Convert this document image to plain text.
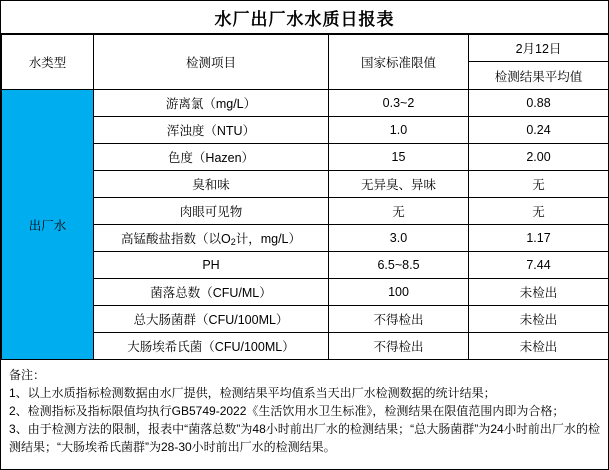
水厂出厂水水质日报表
水类型	检测项目	国家标准限值	2月12日
			检测结果平均值
出厂水	游离氯（mg/L）	0.3~2	0.88
	浑浊度（NTU）	1.0	0.24
	色度（Hazen）	15	2.00
	臭和味	无异臭、异味	无
	肉眼可见物	无	无
	高锰酸盐指数（以$O_2$计，mg/L）	3.0	1.17
	PH	6.5~8.5	7.44
	菌落总数（CFU/ML）	100	未检出
	总大肠菌群（CFU/100ML）	不得检出	未检出
	大肠埃希氏菌（CFU/100ML）	不得检出	未检出
备注：
1、以上水质指标检测数据由水厂提供，检测结果平均值系当天出厂水检测数据的统计结果；
2、检测指标及指标限值均执行GB5749-2022《生活饮用水卫生标准》，检测结果在限值范围内即为合格；
3、由于检测方法的限制，报表中“菌落总数”为48小时前出厂水的检测结果；“总大肠菌群”为24小时前出厂水的检测结果；“大肠埃希氏菌群”为28-30小时前出厂水的检测结果。
